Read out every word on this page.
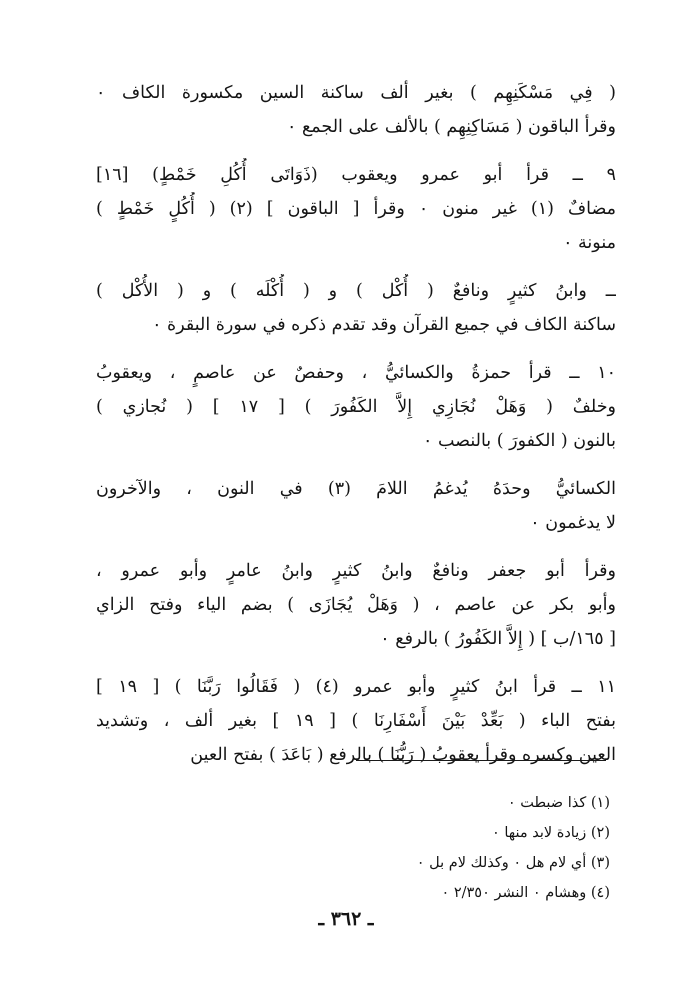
( فِي مَسْكَنِهِم ) بغير ألف ساكنة السين مكسورة الكاف ٠
وقرأ الباقون ( مَسَاكِنِهِم ) بالألف على الجمع ٠
٩ ــ قرأ أبو عمرو ويعقوب (ذَوَاتَى أُكُلِ خَمْطٍ) [١٦]
مضافٌ (١) غير منون ٠ وقرأ [ الباقون ] (٢) ( أُكُلٍ خَمْطٍ )
منونة ٠
ــ وابنُ كثيرٍ ونافعٌ ( أُكْل ) و ( أُكْلَه ) و ( الأُكْل )
ساكنة الكاف في جميع القرآن وقد تقدم ذكره في سورة البقرة ٠
١٠ ــ قرأ حمزةُ والكسائيُّ ، وحفصٌ عن عاصمٍ ، ويعقوبُ
وخلفٌ ( وَهَلْ نُجَازِي إِلاَّ الكَفُورَ ) [ ١٧ ] ( نُجازي )
بالنون ( الكفورَ ) بالنصب ٠
الكسائيُّ وحدَهُ يُدغمُ اللامَ (٣) في النون ، والآخرون
لا يدغمون ٠
وقرأ أبو جعفر ونافعٌ وابنُ كثيرٍ وابنُ عامرٍ وأبو عمرو ،
وأبو بكر عن عاصم ، ( وَهَلْ يُجَازَى ) بضم الياء وفتح الزاي
[ ١٦٥/ب ] ( إِلاَّ الكَفُورُ ) بالرفع ٠
١١ ــ قرأ ابنُ كثيرٍ وأبو عمرو (٤) ( فَقَالُوا رَبَّنَا ) [ ١٩ ]
بفتح الباء ( بَعِّدْ بَيْنَ أَسْفَارِنَا ) [ ١٩ ] بغير ألف ، وتشديد
العين وكسره وقرأ يعقوبُ ( رَبُّنَا ) بالرفع ( بَاعَدَ ) بفتح العين
(١) كذا ضبطت ٠
(٢) زيادة لابد منها ٠
(٣) أي لام هل ٠ وكذلك لام بل ٠
(٤) وهشام ٠ النشر ٢/٣٥٠ ٠
ـ ٣٦٢ ـ
